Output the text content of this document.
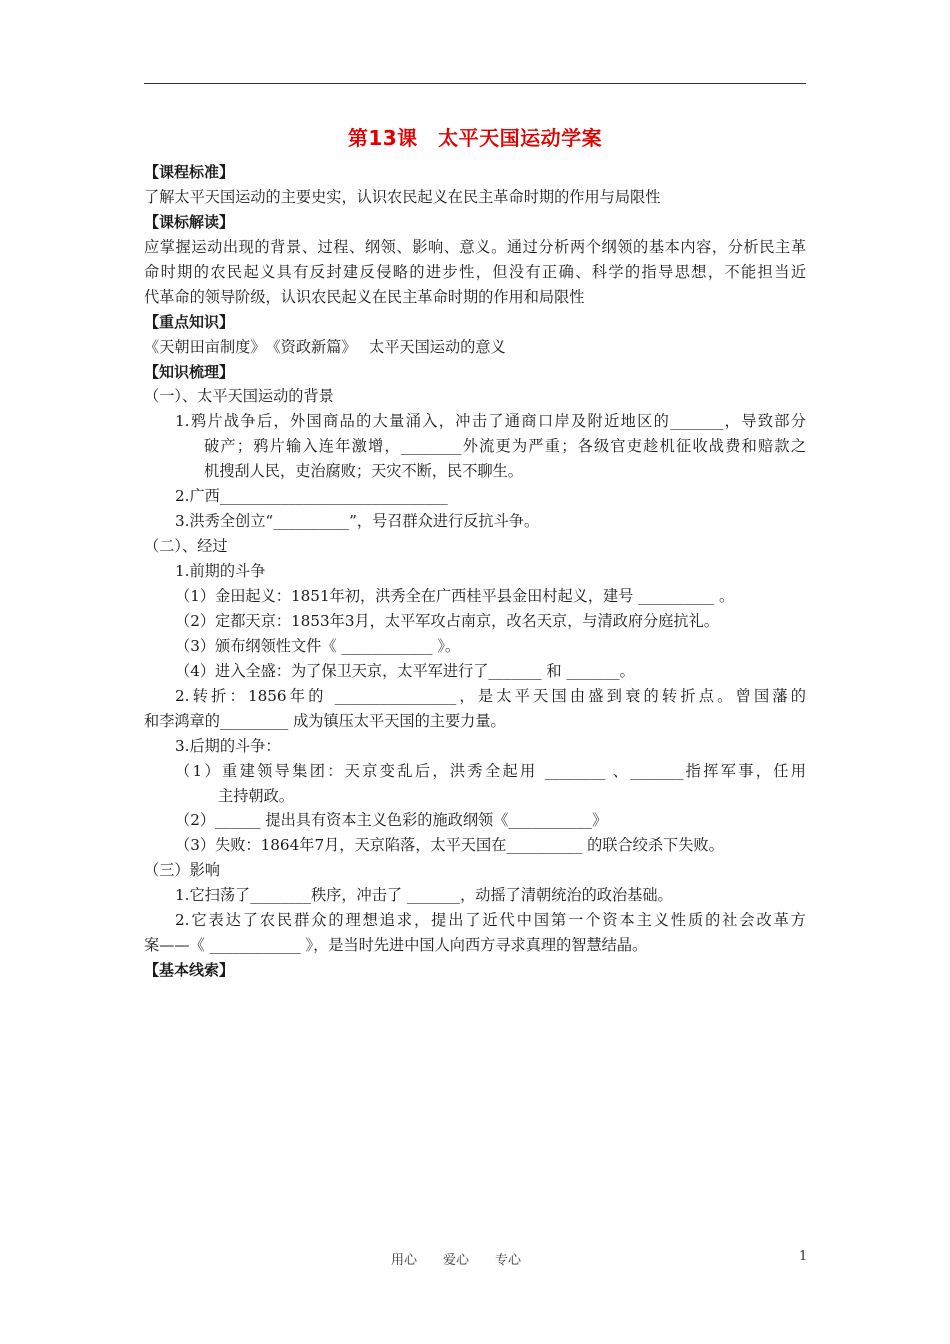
第13课　太平天国运动学案
【课程标准】
了解太平天国运动的主要史实，认识农民起义在民主革命时期的作用与局限性
【课标解读】
应掌握运动出现的背景、过程、纲领、影响、意义。通过分析两个纲领的基本内容，分析民主革
命时期的农民起义具有反封建反侵略的进步性，但没有正确、科学的指导思想，不能担当近
代革命的领导阶级，认识农民起义在民主革命时期的作用和局限性
【重点知识】
《天朝田亩制度》　《资政新篇》　 太平天国运动的意义
【知识梳理】
（一）、太平天国运动的背景
1.鸦片战争后，外国商品的大量涌入，冲击了通商口岸及附近地区的_______，导致部分
破产；鸦片输入连年激增，________外流更为严重；各级官吏趁机征收战费和赔款之
机搜刮人民，吏治腐败；天灾不断，民不聊生。
2.广西______________________________
3.洪秀全创立“__________”，号召群众进行反抗斗争。
（二）、经过
1.前期的斗争
（1）金田起义：1851年初，洪秀全在广西桂平县金田村起义，建号 __________ 。
（2）定都天京：1853年3月，太平军攻占南京，改名天京，与清政府分庭抗礼。
（3）颁布纲领性文件《 ____________ 》。
（4）进入全盛：为了保卫天京，太平军进行了_______ 和 _______。
2.转折：1856年的 ________________，是太平天国由盛到衰的转折点。曾国藩的
和李鸿章的_________ 成为镇压太平天国的主要力量。
3.后期的斗争：
（1）重建领导集团：天京变乱后，洪秀全起用 ________ 、_______指挥军事，任用
主持朝政。
（2）______ 提出具有资本主义色彩的施政纲领《___________》
（3）失败：1864年7月，天京陷落，太平天国在__________ 的联合绞杀下失败。
（三）影响
1.它扫荡了________秩序，冲击了 _______，动摇了清朝统治的政治基础。
2.它表达了农民群众的理想追求，提出了近代中国第一个资本主义性质的社会改革方
案——《 ____________ 》，是当时先进中国人向西方寻求真理的智慧结晶。
【基本线索】
用心　　爱心　　专心	1
